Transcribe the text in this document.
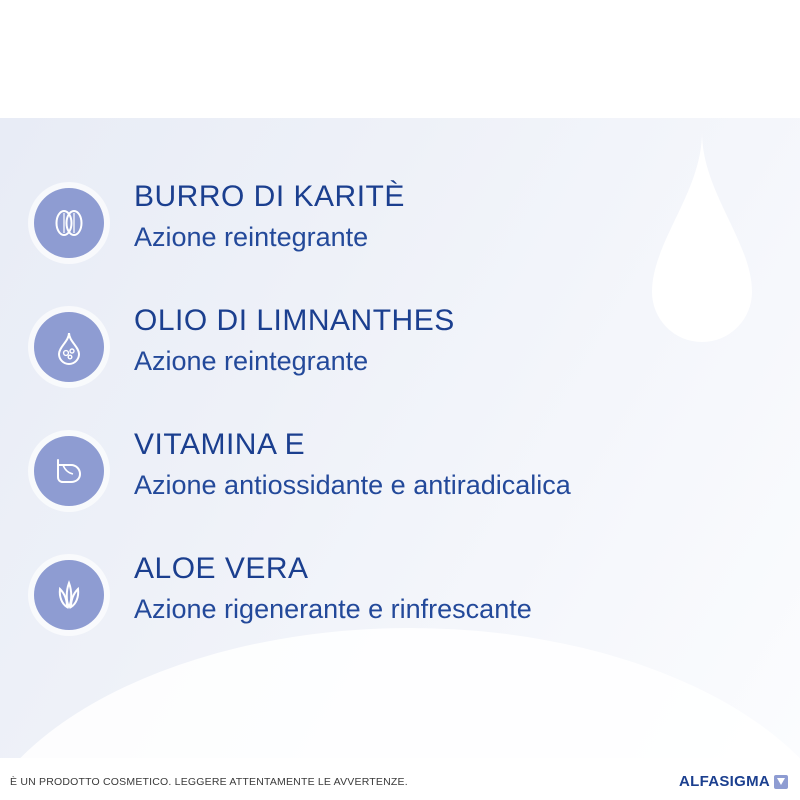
BURRO DI KARITÈ
Azione reintegrante
OLIO DI LIMNANTHES
Azione reintegrante
VITAMINA E
Azione antiossidante e antiradicalica
ALOE VERA
Azione rigenerante e rinfrescante
È UN PRODOTTO COSMETICO. LEGGERE ATTENTAMENTE LE AVVERTENZE.	ALFASIGMA
